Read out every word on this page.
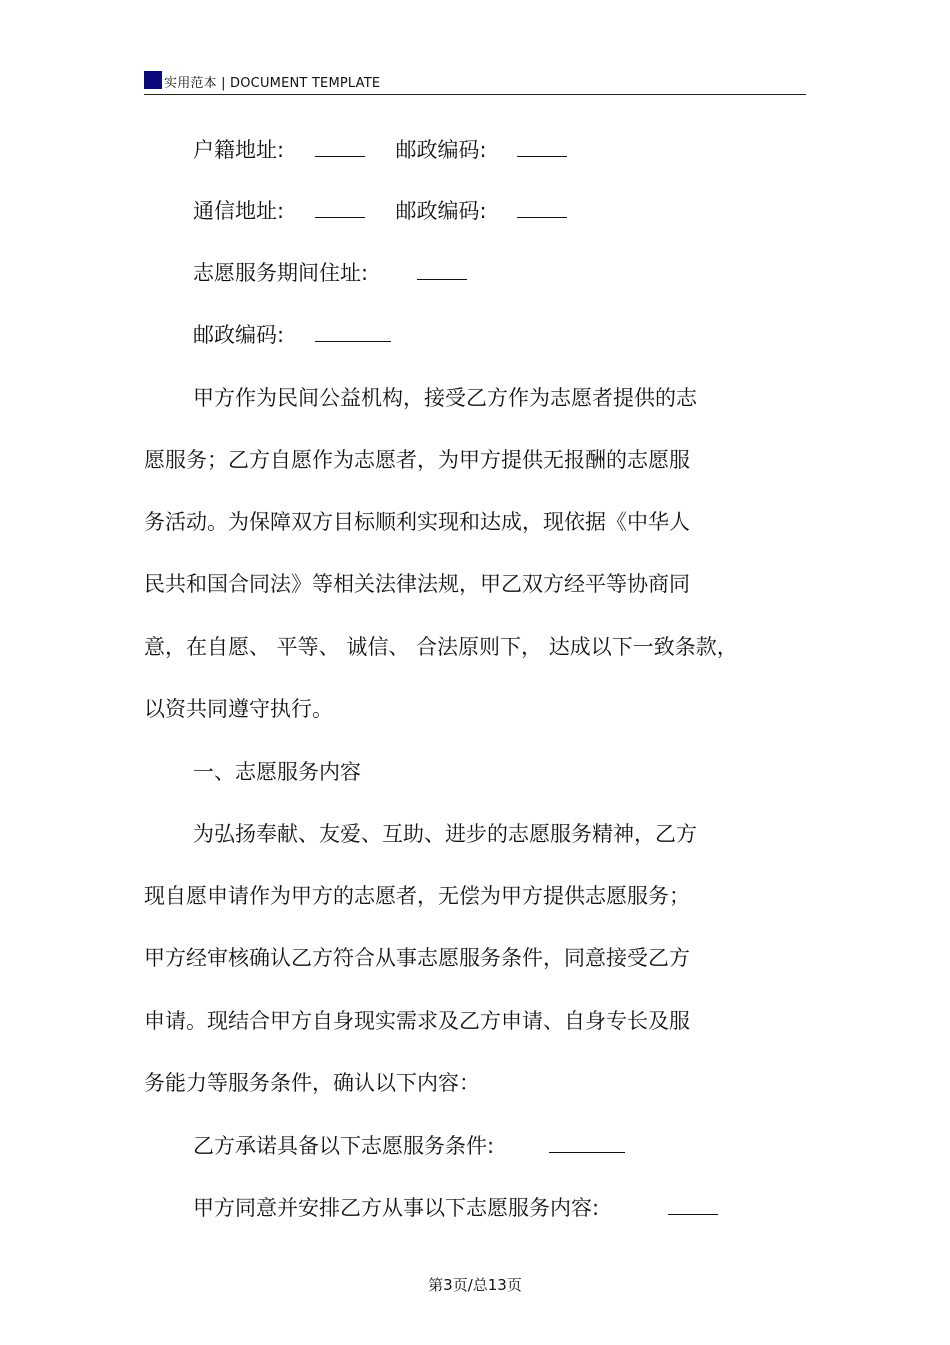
实用范本 | DOCUMENT TEMPLATE
户籍地址:	邮政编码:
通信地址:	邮政编码:
志愿服务期间住址:
邮政编码:
甲方作为民间公益机构，接受乙方作为志愿者提供的志
愿服务；乙方自愿作为志愿者，为甲方提供无报酬的志愿服
务活动。为保障双方目标顺利实现和达成，现依据《中华人
民共和国合同法》等相关法律法规，甲乙双方经平等协商同
意，在自愿、 平等、 诚信、 合法原则下， 达成以下一致条款，
以资共同遵守执行。
一、志愿服务内容
为弘扬奉献、友爱、互助、进步的志愿服务精神，乙方
现自愿申请作为甲方的志愿者，无偿为甲方提供志愿服务；
甲方经审核确认乙方符合从事志愿服务条件，同意接受乙方
申请。现结合甲方自身现实需求及乙方申请、自身专长及服
务能力等服务条件，确认以下内容：
乙方承诺具备以下志愿服务条件:
甲方同意并安排乙方从事以下志愿服务内容:
第3页/总13页
